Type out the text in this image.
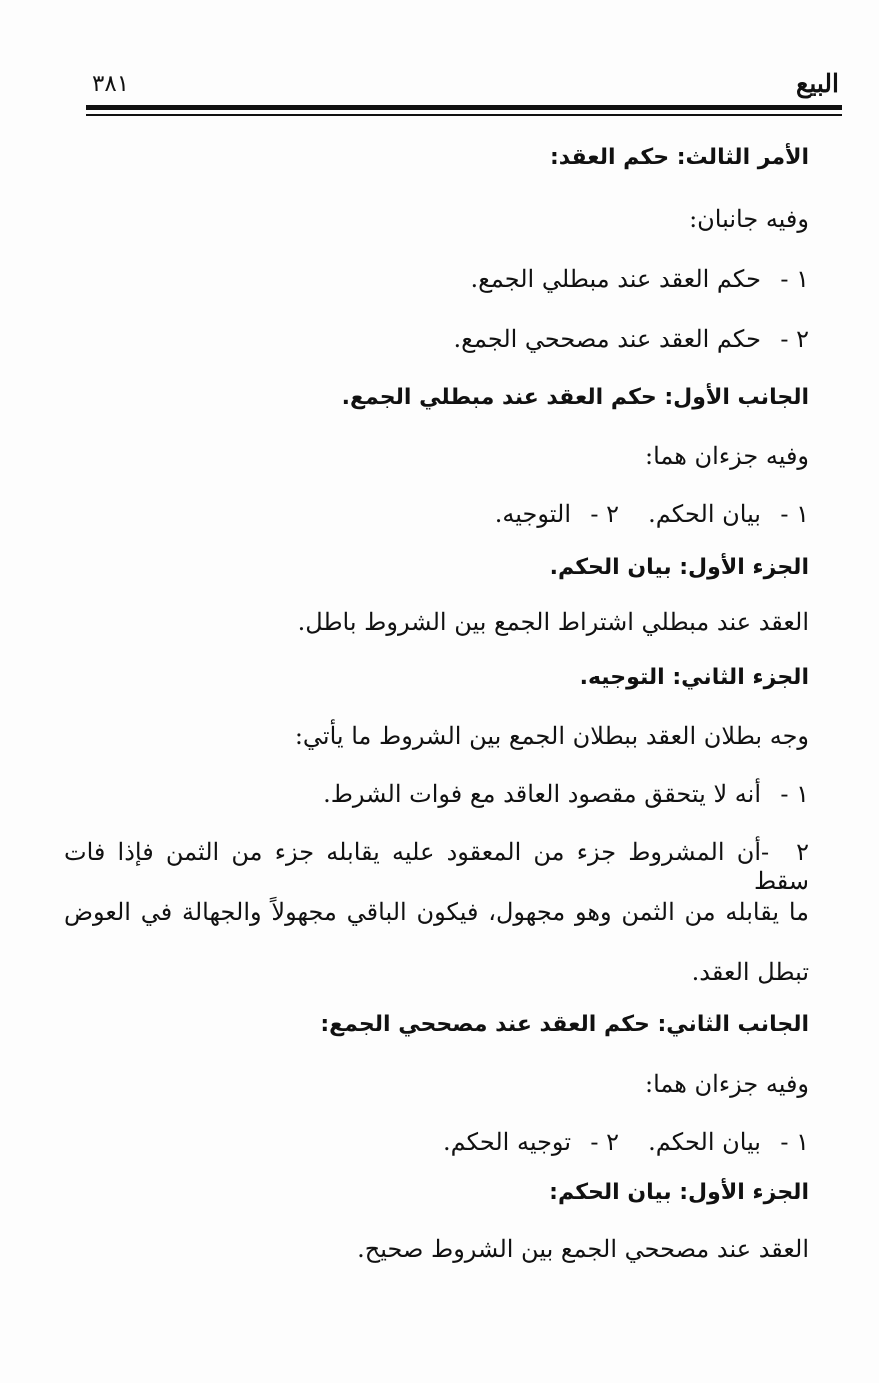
البيع
٣٨١
الأمر الثالث: حكم العقد:
وفيه جانبان:
١ -حكم العقد عند مبطلي الجمع.
٢ -حكم العقد عند مصححي الجمع.
الجانب الأول: حكم العقد عند مبطلي الجمع.
وفيه جزءان هما:
١ -بيان الحكم.
٢ -التوجيه.
الجزء الأول: بيان الحكم.
العقد عند مبطلي اشتراط الجمع بين الشروط باطل.
الجزء الثاني: التوجيه.
وجه بطلان العقد ببطلان الجمع بين الشروط ما يأتي:
١ -أنه لا يتحقق مقصود العاقد مع فوات الشرط.
٢ -أن المشروط جزء من المعقود عليه يقابله جزء من الثمن فإذا فات سقط
ما يقابله من الثمن وهو مجهول، فيكون الباقي مجهولاً والجهالة في العوض
تبطل العقد.
الجانب الثاني: حكم العقد عند مصححي الجمع:
وفيه جزءان هما:
١ -بيان الحكم.
٢ -توجيه الحكم.
الجزء الأول: بيان الحكم:
العقد عند مصححي الجمع بين الشروط صحيح.
